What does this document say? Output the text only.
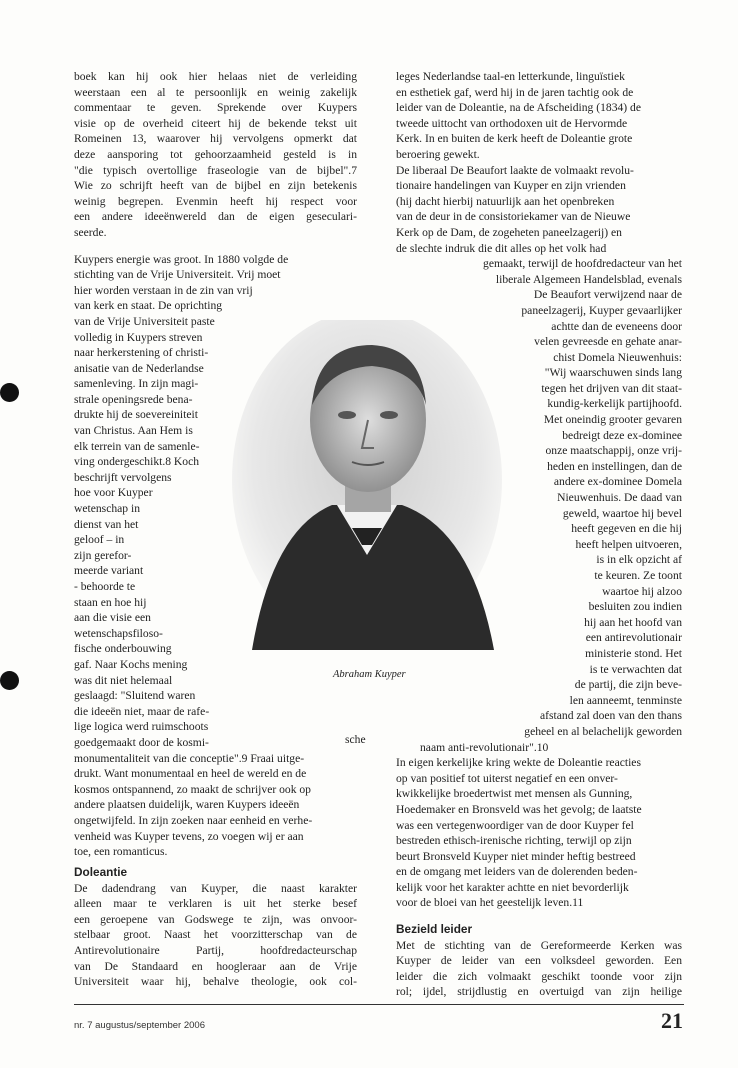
boek kan hij ook hier helaas niet de verleiding
weerstaan een al te persoonlijk en weinig zakelijk
commentaar te geven. Sprekende over Kuypers
visie op de overheid citeert hij de bekende tekst uit
Romeinen 13, waarover hij vervolgens opmerkt dat
deze aansporing tot gehoorzaamheid gesteld is in
"die typisch overtollige fraseologie van de bijbel".7
Wie zo schrijft heeft van de bijbel en zijn betekenis
weinig begrepen. Evenmin heeft hij respect voor
een andere ideeënwereld dan de eigen geseculari-
seerde.
Kuypers energie was groot. In 1880 volgde de
stichting van de Vrije Universiteit. Vrij moet
hier worden verstaan in de zin van vrij
van kerk en staat. De oprichting
van de Vrije Universiteit paste
volledig in Kuypers streven
naar herkerstening of christi-
anisatie van de Nederlandse
samenleving. In zijn magi-
strale openingsrede bena-
drukte hij de soevereiniteit
van Christus. Aan Hem is
elk terrein van de samenle-
ving ondergeschikt.8 Koch
beschrijft vervolgens
hoe voor Kuyper
wetenschap in
dienst van het
geloof – in
zijn gerefor-
meerde variant
- behoorde te
staan en hoe hij
aan die visie een
wetenschapsfiloso-
fische onderbouwing
gaf. Naar Kochs mening
was dit niet helemaal
geslaagd: "Sluitend waren
die ideeën niet, maar de rafe-
lige logica werd ruimschoots
goedgemaakt door de kosmi-
monumentaliteit van die conceptie".9 Fraai uitge-
drukt. Want monumentaal en heel de wereld en de
kosmos ontspannend, zo maakt de schrijver ook op
andere plaatsen duidelijk, waren Kuypers ideeën
ongetwijfeld. In zijn zoeken naar eenheid en verhe-
venheid was Kuyper tevens, zo voegen wij er aan
toe, een romanticus.
sche
Doleantie
De dadendrang van Kuyper, die naast karakter
alleen maar te verklaren is uit het sterke besef
een geroepene van Godswege te zijn, was onvoor-
stelbaar groot. Naast het voorzitterschap van de
Antirevolutionaire Partij, hoofdredacteurschap
van De Standaard en hoogleraar aan de Vrije
Universiteit waar hij, behalve theologie, ook col-
leges Nederlandse taal-en letterkunde, linguïstiek
en esthetiek gaf, werd hij in de jaren tachtig ook de
leider van de Doleantie, na de Afscheiding (1834) de
tweede uittocht van orthodoxen uit de Hervormde
Kerk. In en buiten de kerk heeft de Doleantie grote
beroering gewekt.
De liberaal De Beaufort laakte de volmaakt revolu-
tionaire handelingen van Kuyper en zijn vrienden
(hij dacht hierbij natuurlijk aan het openbreken
van de deur in de consistoriekamer van de Nieuwe
Kerk op de Dam, de zogeheten paneelzagerij) en
de slechte indruk die dit alles op het volk had
gemaakt, terwijl de hoofdredacteur van het
liberale Algemeen Handelsblad, evenals
De Beaufort verwijzend naar de
paneelzagerij, Kuyper gevaarlijker
achtte dan de eveneens door
velen gevreesde en gehate anar-
chist Domela Nieuwenhuis:
"Wij waarschuwen sinds lang
tegen het drijven van dit staat-
kundig-kerkelijk partijhoofd.
Met oneindig grooter gevaren
bedreigt deze ex-dominee
onze maatschappij, onze vrij-
heden en instellingen, dan de
andere ex-dominee Domela
Nieuwenhuis. De daad van
geweld, waartoe hij bevel
heeft gegeven en die hij
heeft helpen uitvoeren,
is in elk opzicht af
te keuren. Ze toont
waartoe hij alzoo
besluiten zou indien
hij aan het hoofd van
een antirevolutionair
ministerie stond. Het
is te verwachten dat
de partij, die zijn beve-
len aanneemt, tenminste
afstand zal doen van den thans
geheel en al belachelijk geworden
naam anti-revolutionair".10
In eigen kerkelijke kring wekte de Doleantie reacties
op van positief tot uiterst negatief en een onver-
kwikkelijke broedertwist met mensen als Gunning,
Hoedemaker en Bronsveld was het gevolg; de laatste
was een vertegenwoordiger van de door Kuyper fel
bestreden ethisch-irenische richting, terwijl op zijn
beurt Bronsveld Kuyper niet minder heftig bestreed
en de omgang met leiders van de dolerenden beden-
kelijk voor het karakter achtte en niet bevorderlijk
voor de bloei van het geestelijk leven.11
Bezield leider
Met de stichting van de Gereformeerde Kerken was
Kuyper de leider van een volksdeel geworden. Een
leider die zich volmaakt geschikt toonde voor zijn
rol; ijdel, strijdlustig en overtuigd van zijn heilige
Abraham Kuyper
nr. 7 augustus/september 2006	21
